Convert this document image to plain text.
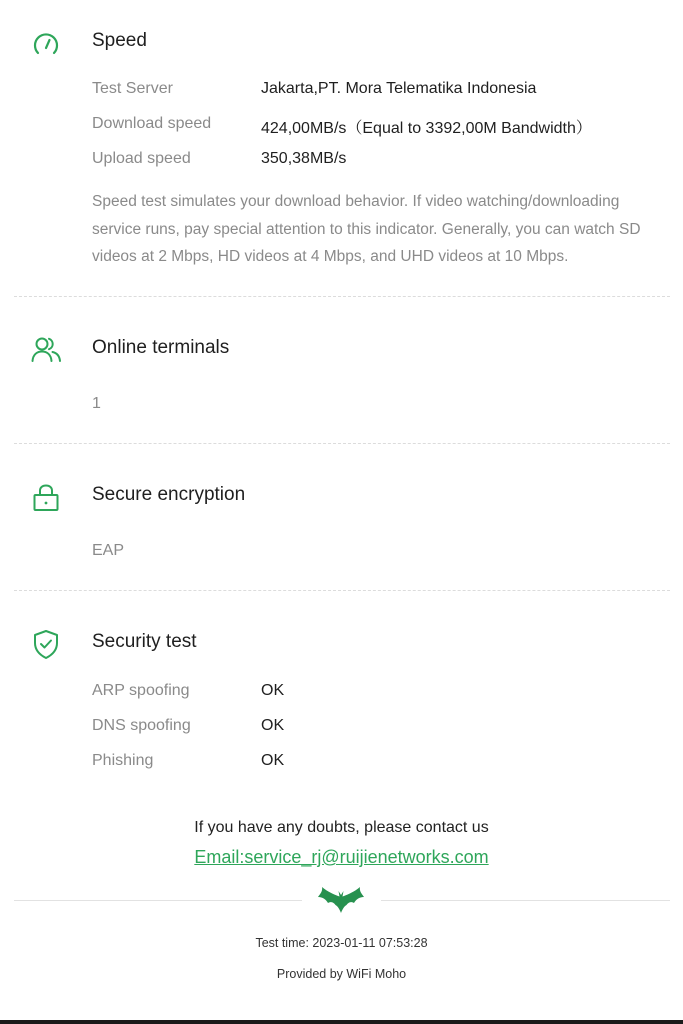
Speed
Test Server	Jakarta,PT. Mora Telematika Indonesia
Download speed	424,00MB/s（Equal to 3392,00M Bandwidth）
Upload speed	350,38MB/s
Speed test simulates your download behavior. If video watching/downloading service runs, pay special attention to this indicator. Generally, you can watch SD videos at 2 Mbps, HD videos at 4 Mbps, and UHD videos at 10 Mbps.
Online terminals
1
Secure encryption
EAP
Security test
ARP spoofing	OK
DNS spoofing	OK
Phishing	OK
If you have any doubts, please contact us
Email:service_rj@ruijienetworks.com
Test time: 2023-01-11 07:53:28
Provided by WiFi Moho
